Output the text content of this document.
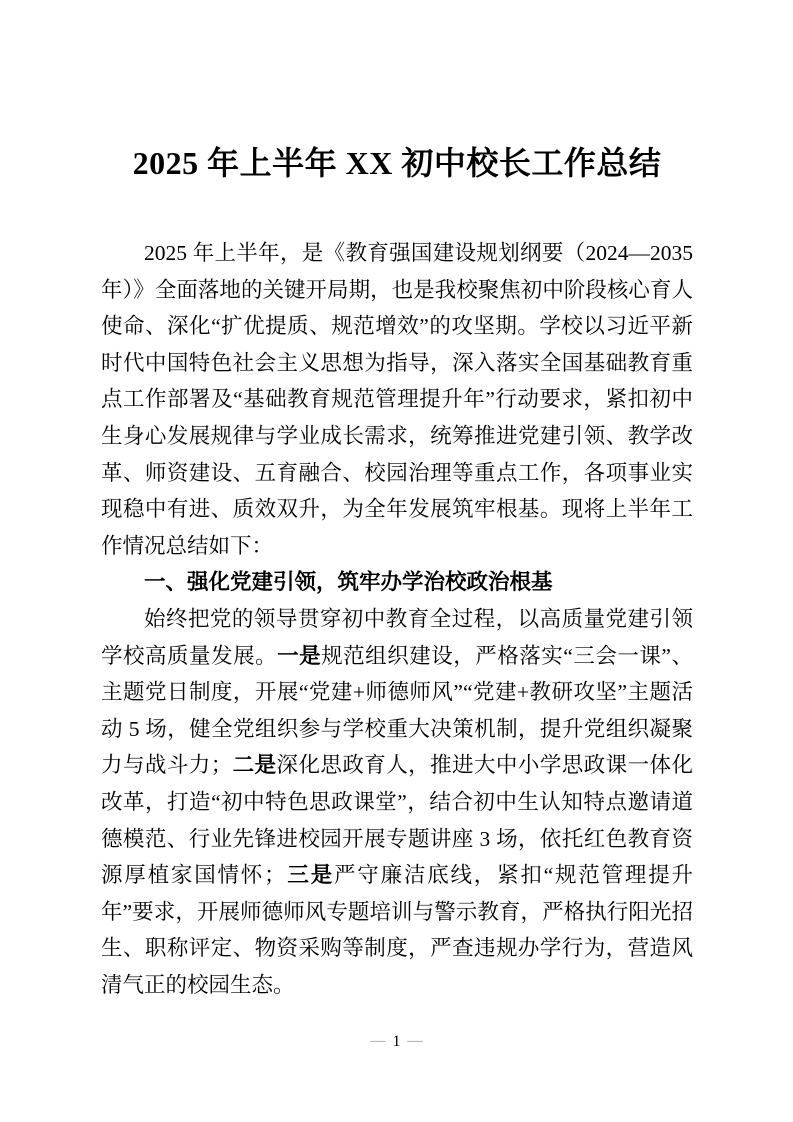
2025 年上半年 XX 初中校长工作总结

2025 年上半年，是《教育强国建设规划纲要（2024—2035 年）》全面落地的关键开局期，也是我校聚焦初中阶段核心育人使命、深化“扩优提质、规范增效”的攻坚期。学校以习近平新时代中国特色社会主义思想为指导，深入落实全国基础教育重点工作部署及“基础教育规范管理提升年”行动要求，紧扣初中生身心发展规律与学业成长需求，统筹推进党建引领、教学改革、师资建设、五育融合、校园治理等重点工作，各项事业实现稳中有进、质效双升，为全年发展筑牢根基。现将上半年工作情况总结如下：

一、强化党建引领，筑牢办学治校政治根基

始终把党的领导贯穿初中教育全过程，以高质量党建引领学校高质量发展。一是规范组织建设，严格落实“三会一课”、主题党日制度，开展“党建+师德师风”“党建+教研攻坚”主题活动 5 场，健全党组织参与学校重大决策机制，提升党组织凝聚力与战斗力；二是深化思政育人，推进大中小学思政课一体化改革，打造“初中特色思政课堂”，结合初中生认知特点邀请道德模范、行业先锋进校园开展专题讲座 3 场，依托红色教育资源厚植家国情怀；三是严守廉洁底线，紧扣“规范管理提升年”要求，开展师德师风专题培训与警示教育，严格执行阳光招生、职称评定、物资采购等制度，严查违规办学行为，营造风清气正的校园生态。

— 1 —
